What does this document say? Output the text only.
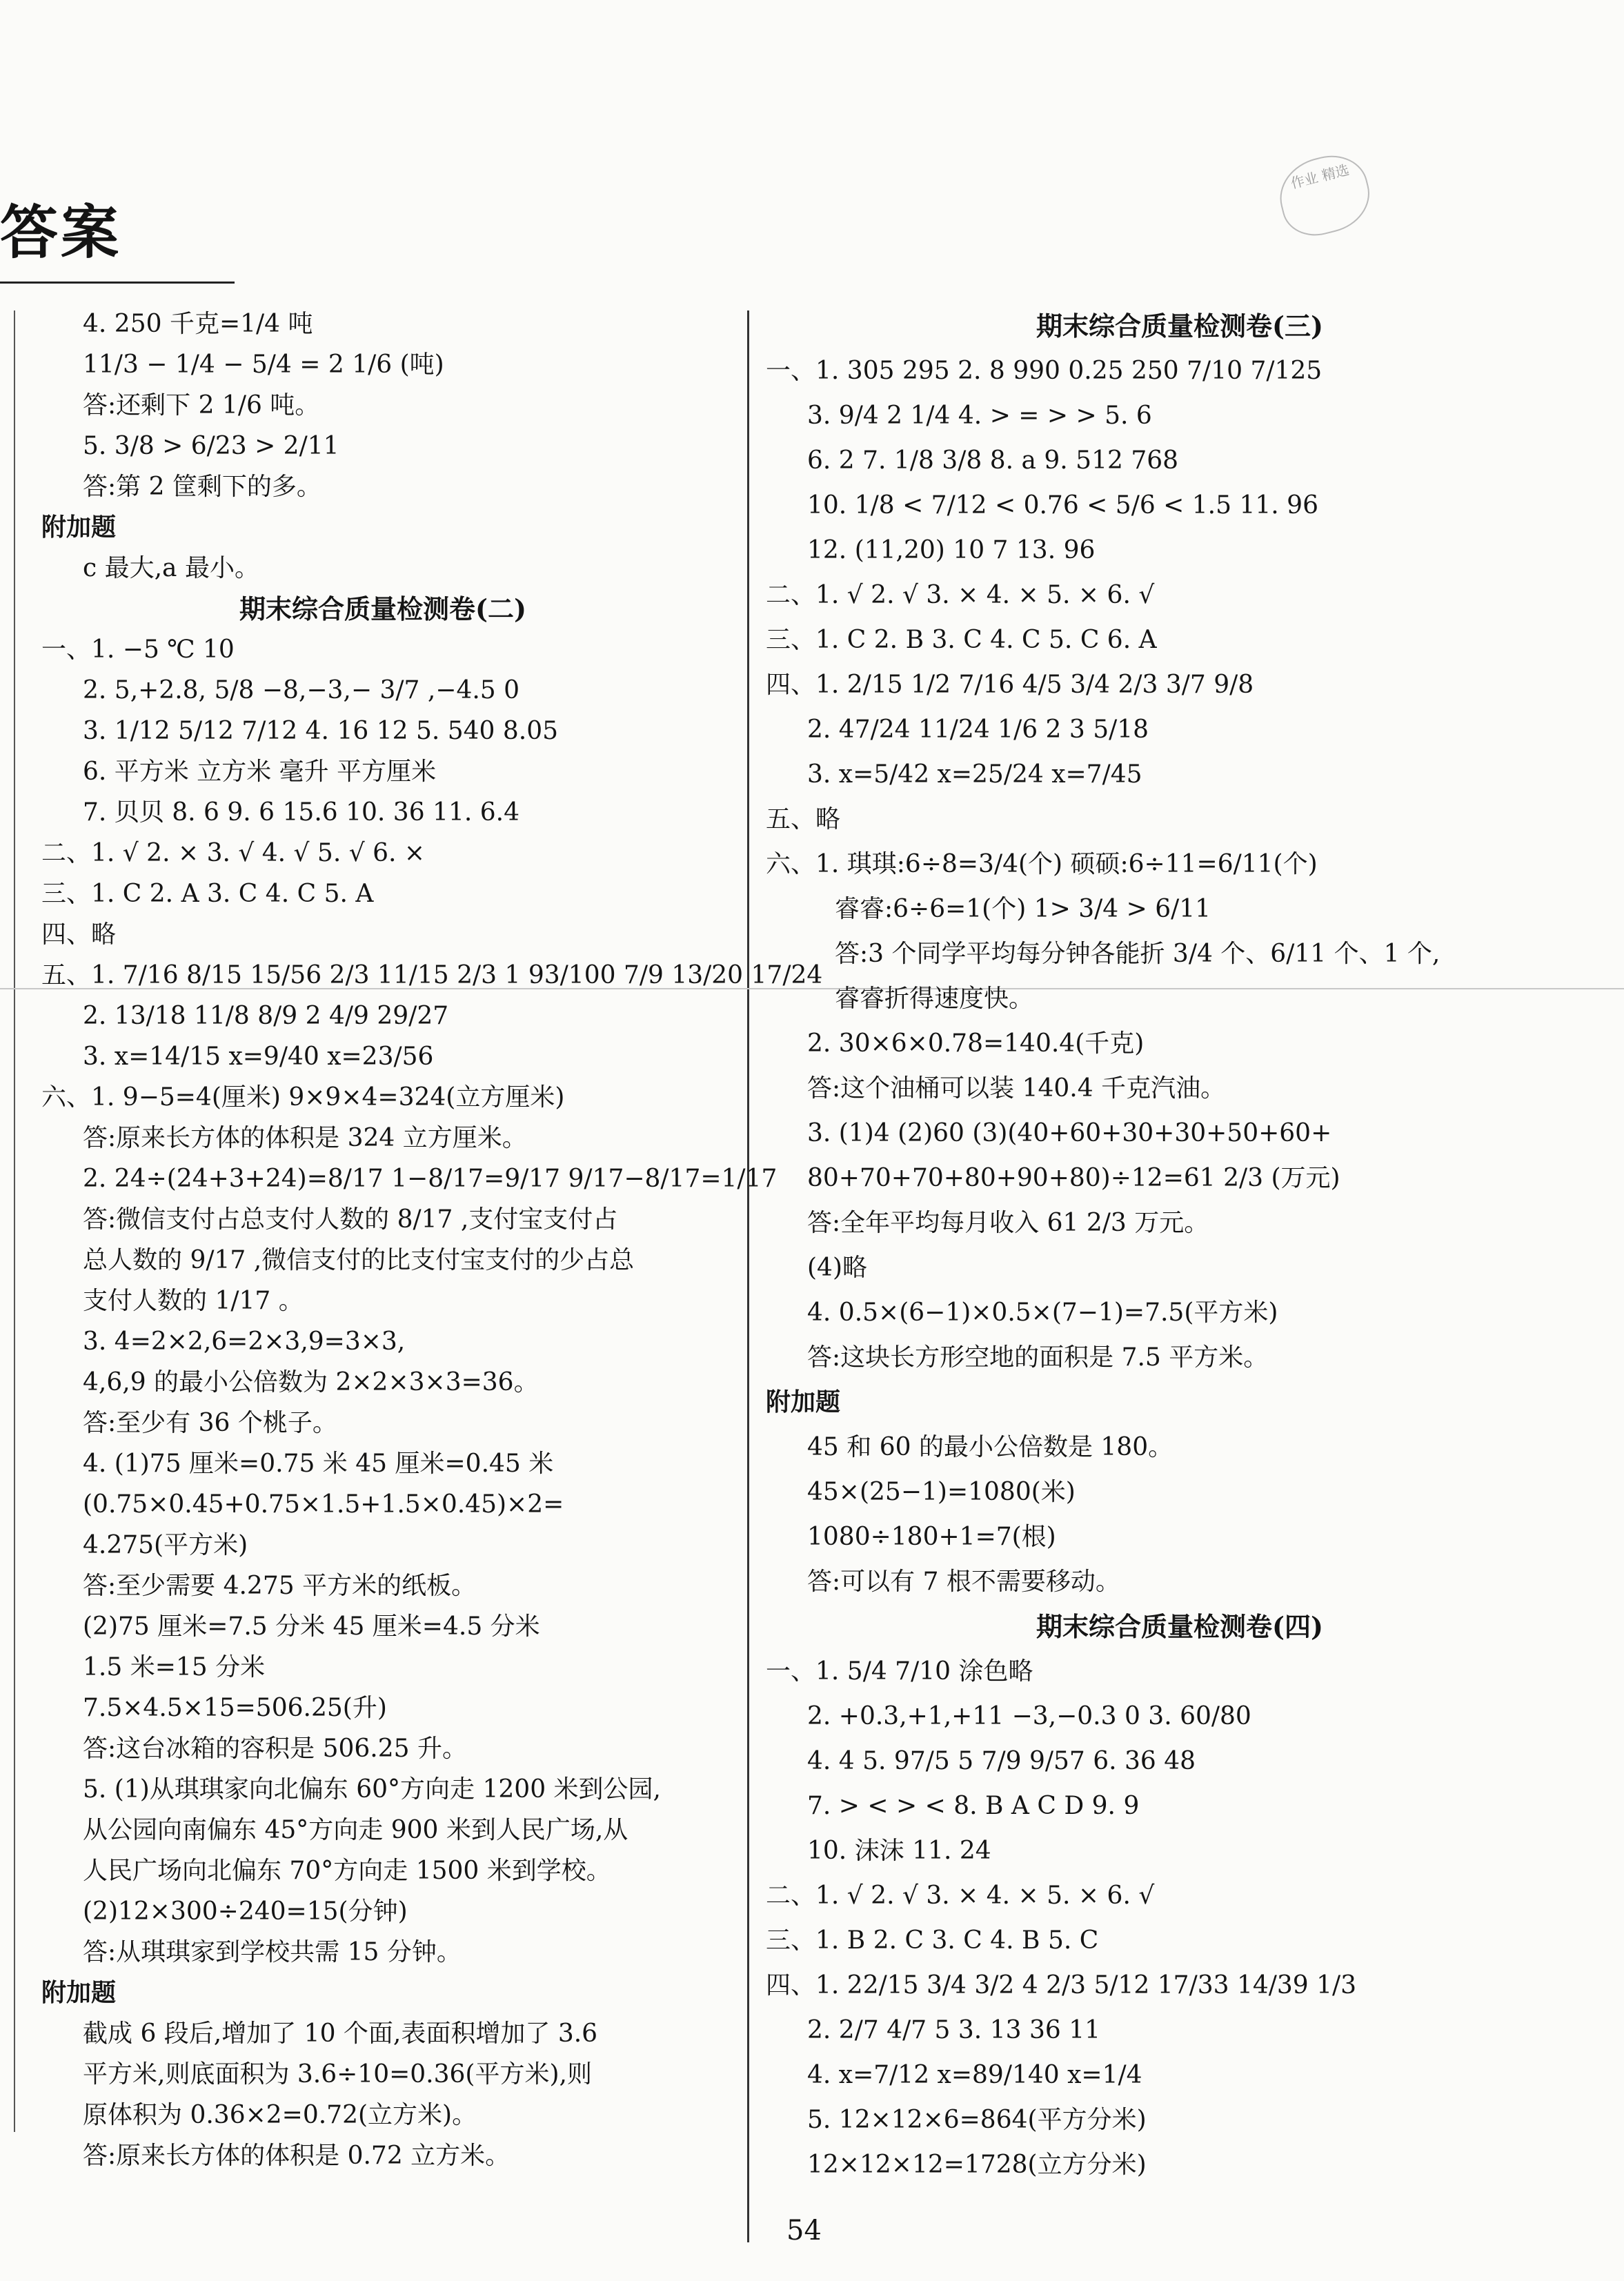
答案
作业 精选
4. 250 千克=1/4 吨
11/3 − 1/4 − 5/4 = 2 1/6 (吨)
答:还剩下 2 1/6 吨。
5. 3/8 > 6/23 > 2/11
答:第 2 筐剩下的多。
附加题
c 最大,a 最小。
期末综合质量检测卷(二)
一、1. −5 ℃ 10
2. 5,+2.8, 5/8 −8,−3,− 3/7 ,−4.5 0
3. 1/12 5/12 7/12 4. 16 12 5. 540 8.05
6. 平方米 立方米 毫升 平方厘米
7. 贝贝 8. 6 9. 6 15.6 10. 36 11. 6.4
二、1. √ 2. × 3. √ 4. √ 5. √ 6. ×
三、1. C 2. A 3. C 4. C 5. A
四、略
五、1. 7/16 8/15 15/56 2/3 11/15 2/3 1 93/100 7/9 13/20 17/24
2. 13/18 11/8 8/9 2 4/9 29/27
3. x=14/15 x=9/40 x=23/56
六、1. 9−5=4(厘米) 9×9×4=324(立方厘米)
答:原来长方体的体积是 324 立方厘米。
2. 24÷(24+3+24)=8/17 1−8/17=9/17 9/17−8/17=1/17
答:微信支付占总支付人数的 8/17 ,支付宝支付占
总人数的 9/17 ,微信支付的比支付宝支付的少占总
支付人数的 1/17 。
3. 4=2×2,6=2×3,9=3×3,
4,6,9 的最小公倍数为 2×2×3×3=36。
答:至少有 36 个桃子。
4. (1)75 厘米=0.75 米 45 厘米=0.45 米
(0.75×0.45+0.75×1.5+1.5×0.45)×2=
4.275(平方米)
答:至少需要 4.275 平方米的纸板。
(2)75 厘米=7.5 分米 45 厘米=4.5 分米
1.5 米=15 分米
7.5×4.5×15=506.25(升)
答:这台冰箱的容积是 506.25 升。
5. (1)从琪琪家向北偏东 60°方向走 1200 米到公园,
从公园向南偏东 45°方向走 900 米到人民广场,从
人民广场向北偏东 70°方向走 1500 米到学校。
(2)12×300÷240=15(分钟)
答:从琪琪家到学校共需 15 分钟。
附加题
截成 6 段后,增加了 10 个面,表面积增加了 3.6
平方米,则底面积为 3.6÷10=0.36(平方米),则
原体积为 0.36×2=0.72(立方米)。
答:原来长方体的体积是 0.72 立方米。
期末综合质量检测卷(三)
一、1. 305 295 2. 8 990 0.25 250 7/10 7/125
3. 9/4 2 1/4 4. > = > > 5. 6
6. 2 7. 1/8 3/8 8. a 9. 512 768
10. 1/8 < 7/12 < 0.76 < 5/6 < 1.5 11. 96
12. (11,20) 10 7 13. 96
二、1. √ 2. √ 3. × 4. × 5. × 6. √
三、1. C 2. B 3. C 4. C 5. C 6. A
四、1. 2/15 1/2 7/16 4/5 3/4 2/3 3/7 9/8
2. 47/24 11/24 1/6 2 3 5/18
3. x=5/42 x=25/24 x=7/45
五、略
六、1. 琪琪:6÷8=3/4(个) 硕硕:6÷11=6/11(个)
睿睿:6÷6=1(个) 1> 3/4 > 6/11
答:3 个同学平均每分钟各能折 3/4 个、6/11 个、1 个,
睿睿折得速度快。
2. 30×6×0.78=140.4(千克)
答:这个油桶可以装 140.4 千克汽油。
3. (1)4 (2)60 (3)(40+60+30+30+50+60+
80+70+70+80+90+80)÷12=61 2/3 (万元)
答:全年平均每月收入 61 2/3 万元。
(4)略
4. 0.5×(6−1)×0.5×(7−1)=7.5(平方米)
答:这块长方形空地的面积是 7.5 平方米。
附加题
45 和 60 的最小公倍数是 180。
45×(25−1)=1080(米)
1080÷180+1=7(根)
答:可以有 7 根不需要移动。
期末综合质量检测卷(四)
一、1. 5/4 7/10 涂色略
2. +0.3,+1,+11 −3,−0.3 0 3. 60/80
4. 4 5. 97/5 5 7/9 9/57 6. 36 48
7. > < > < 8. B A C D 9. 9
10. 沫沫 11. 24
二、1. √ 2. √ 3. × 4. × 5. × 6. √
三、1. B 2. C 3. C 4. B 5. C
四、1. 22/15 3/4 3/2 4 2/3 5/12 17/33 14/39 1/3
2. 2/7 4/7 5 3. 13 36 11
4. x=7/12 x=89/140 x=1/4
5. 12×12×6=864(平方分米)
12×12×12=1728(立方分米)
54
